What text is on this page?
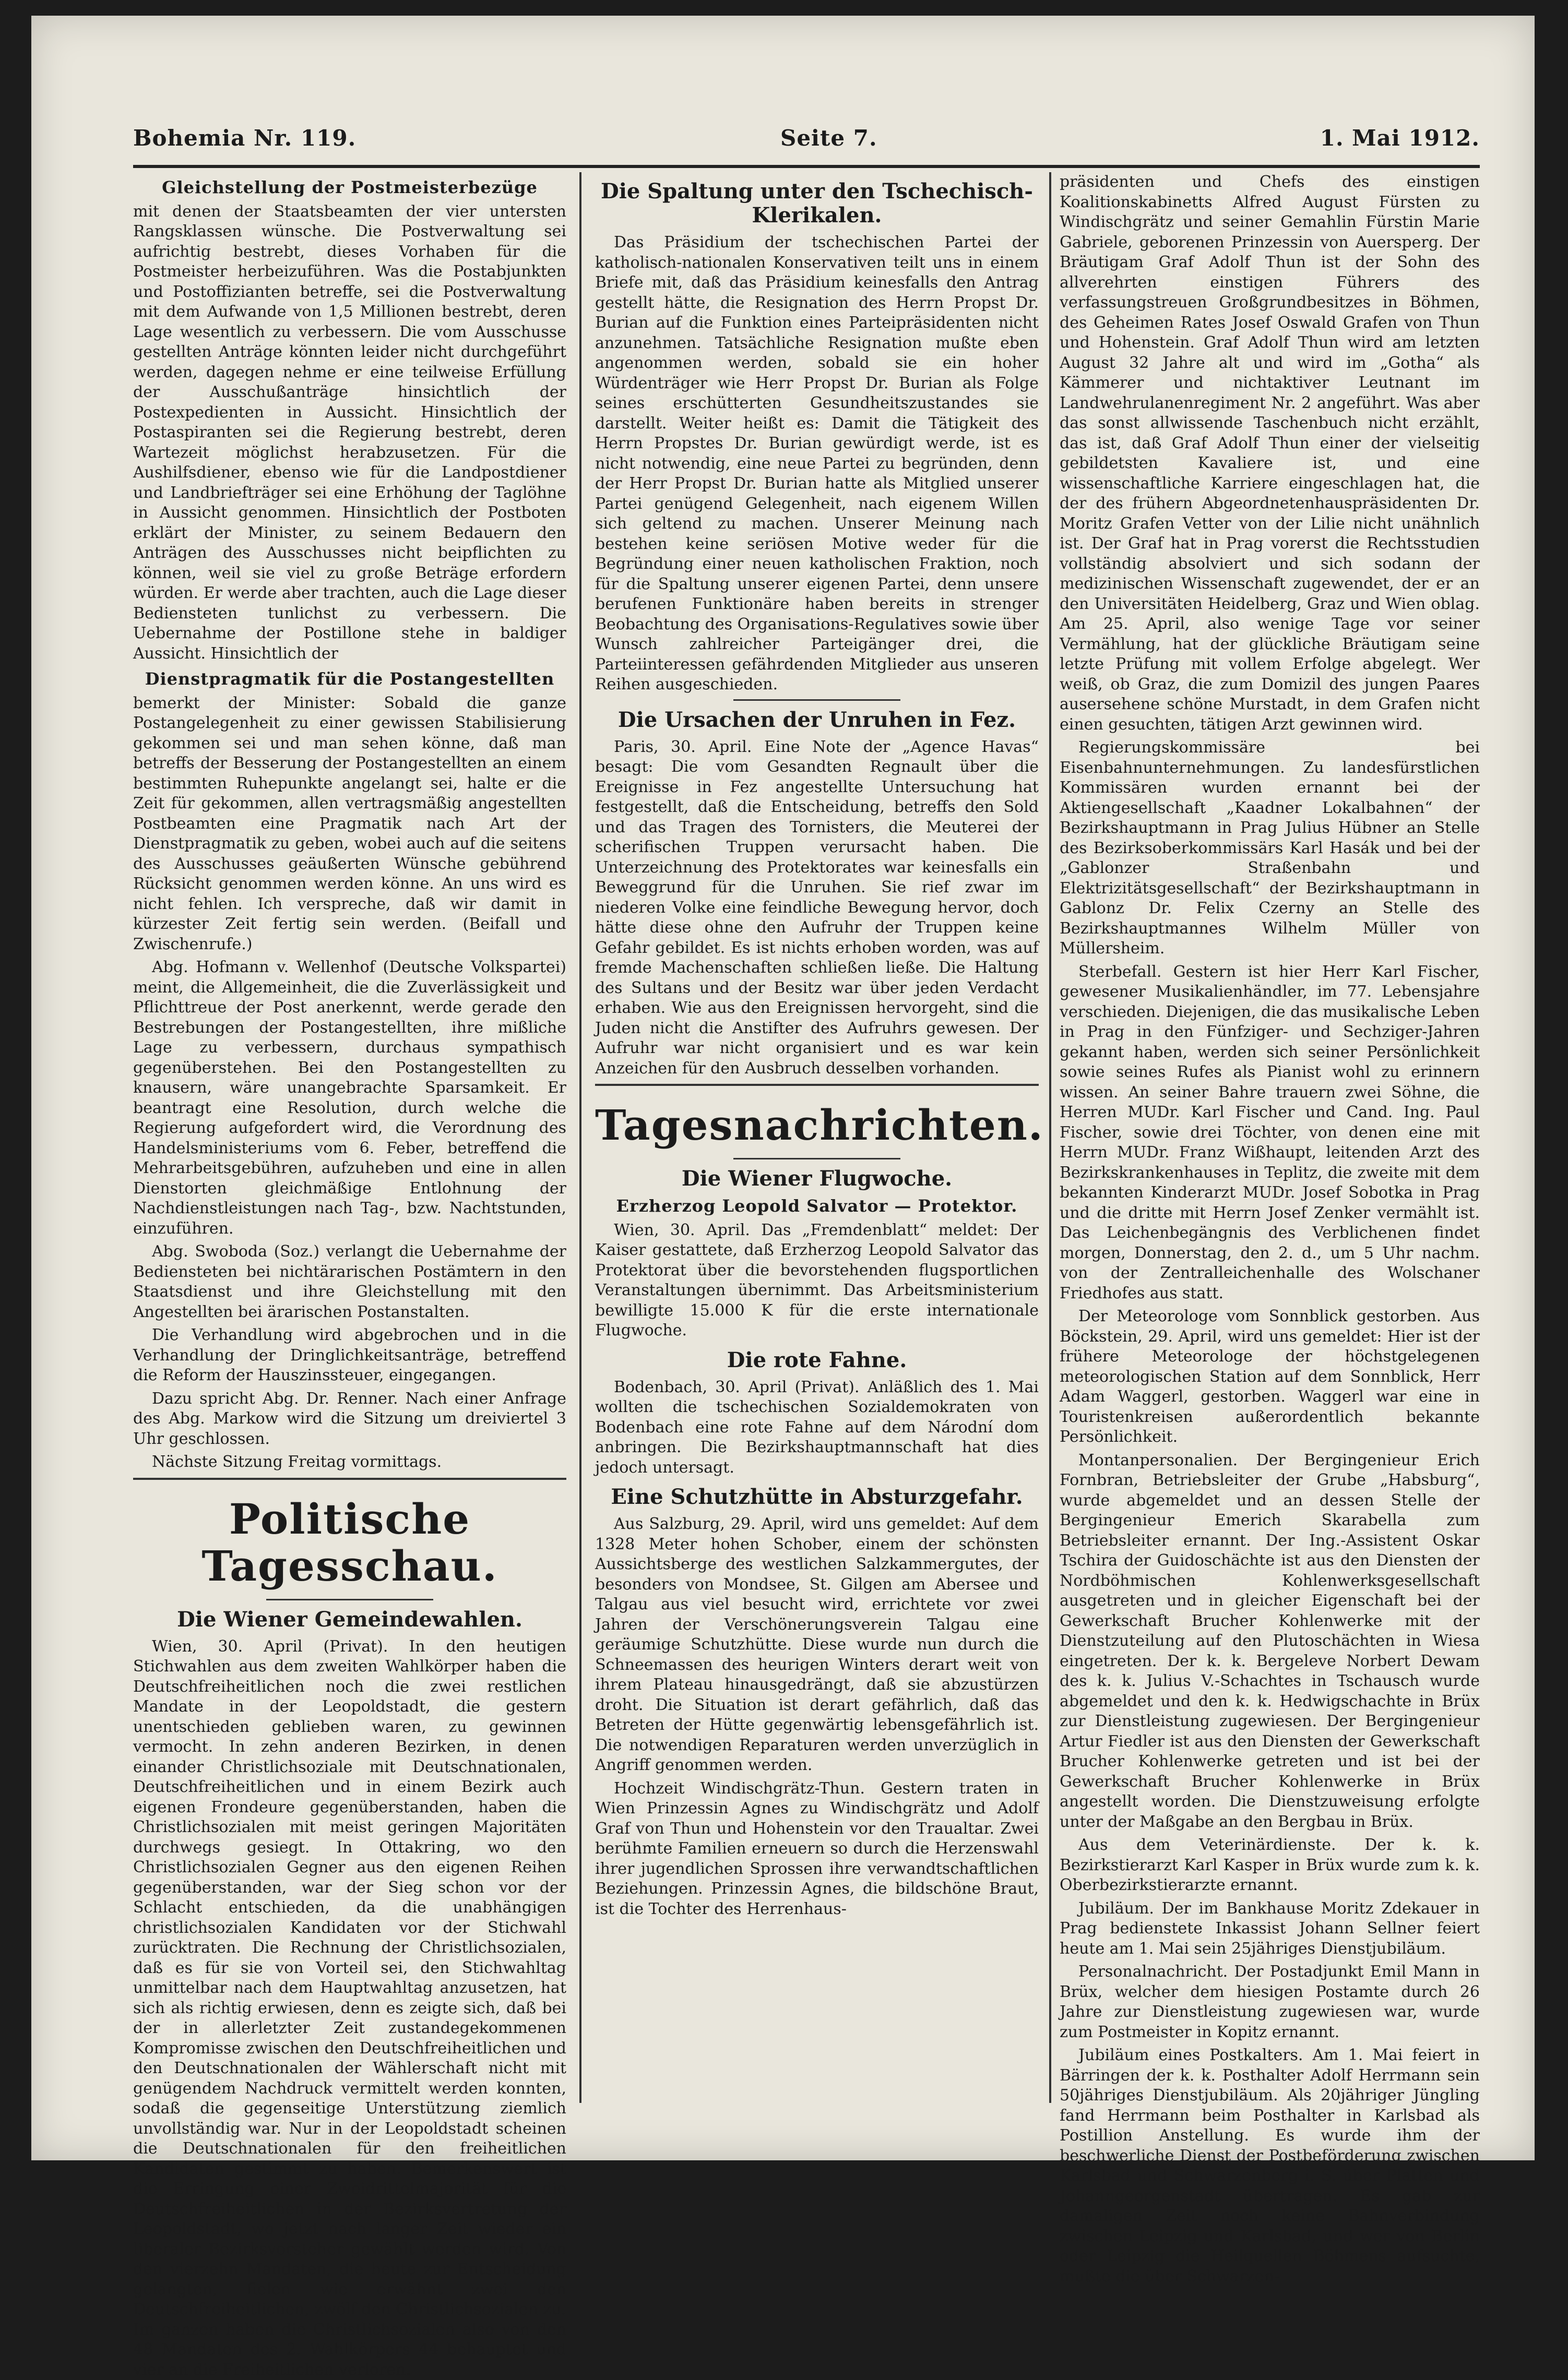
Bohemia Nr. 119.	Seite 7.	1. Mai 1912.
Gleichstellung der Postmeisterbezüge

mit denen der Staatsbeamten der vier untersten Rangsklassen wünsche. Die Postverwaltung sei aufrichtig bestrebt, dieses Vorhaben für die Postmeister herbeizuführen. Was die Postabjunkten und Postoffizianten betreffe, sei die Postverwaltung mit dem Aufwande von 1,5 Millionen bestrebt, deren Lage wesentlich zu verbessern. Die vom Ausschusse gestellten Anträge könnten leider nicht durchgeführt werden, dagegen nehme er eine teilweise Erfüllung der Ausschußanträge hinsichtlich der Postexpedienten in Aussicht. Hinsichtlich der Postaspiranten sei die Regierung bestrebt, deren Wartezeit möglichst herabzusetzen. Für die Aushilfsdiener, ebenso wie für die Landpostdiener und Landbriefträger sei eine Erhöhung der Taglöhne in Aussicht genommen. Hinsichtlich der Postboten erklärt der Minister, zu seinem Bedauern den Anträgen des Ausschusses nicht beipflichten zu können, weil sie viel zu große Beträge erfordern würden. Er werde aber trachten, auch die Lage dieser Bediensteten tunlichst zu verbessern. Die Uebernahme der Postillone stehe in baldiger Aussicht. Hinsichtlich der

Dienstpragmatik für die Postangestellten

bemerkt der Minister: Sobald die ganze Postangelegenheit zu einer gewissen Stabilisierung gekommen sei und man sehen könne, daß man betreffs der Besserung der Postangestellten an einem bestimmten Ruhepunkte angelangt sei, halte er die Zeit für gekommen, allen vertragsmäßig angestellten Postbeamten eine Pragmatik nach Art der Dienstpragmatik zu geben, wobei auch auf die seitens des Ausschusses geäußerten Wünsche gebührend Rücksicht genommen werden könne. An uns wird es nicht fehlen. Ich verspreche, daß wir damit in kürzester Zeit fertig sein werden. (Beifall und Zwischenrufe.)

Abg. Hofmann v. Wellenhof (Deutsche Volkspartei) meint, die Allgemeinheit, die die Zuverlässigkeit und Pflichttreue der Post anerkennt, werde gerade den Bestrebungen der Postangestellten, ihre mißliche Lage zu verbessern, durchaus sympathisch gegenüberstehen. Bei den Postangestellten zu knausern, wäre unangebrachte Sparsamkeit. Er beantragt eine Resolution, durch welche die Regierung aufgefordert wird, die Verordnung des Handelsministeriums vom 6. Feber, betreffend die Mehrarbeitsgebühren, aufzuheben und eine in allen Dienstorten gleichmäßige Entlohnung der Nachdienstleistungen nach Tag-, bzw. Nachtstunden, einzuführen.

Abg. Swoboda (Soz.) verlangt die Uebernahme der Bediensteten bei nichtärarischen Postämtern in den Staatsdienst und ihre Gleichstellung mit den Angestellten bei ärarischen Postanstalten.

Die Verhandlung wird abgebrochen und in die Verhandlung der Dringlichkeitsanträge, betreffend die Reform der Hauszinssteuer, eingegangen.

Dazu spricht Abg. Dr. Renner. Nach einer Anfrage des Abg. Markow wird die Sitzung um dreiviertel 3 Uhr geschlossen.

Nächste Sitzung Freitag vormittags.

Politische Tagesschau.
Die Wiener Gemeindewahlen.

Wien, 30. April (Privat). In den heutigen Stichwahlen aus dem zweiten Wahlkörper haben die Deutschfreiheitlichen noch die zwei restlichen Mandate in der Leopoldstadt, die gestern unentschieden geblieben waren, zu gewinnen vermocht. In zehn anderen Bezirken, in denen einander Christlichsoziale mit Deutschnationalen, Deutschfreiheitlichen und in einem Bezirk auch eigenen Frondeure gegenüberstanden, haben die Christlichsozialen mit meist geringen Majoritäten durchwegs gesiegt. In Ottakring, wo den Christlichsozialen Gegner aus den eigenen Reihen gegenüberstanden, war der Sieg schon vor der Schlacht entschieden, da die unabhängigen christlichsozialen Kandidaten vor der Stichwahl zurücktraten. Die Rechnung der Christlichsozialen, daß es für sie von Vorteil sei, den Stichwahltag unmittelbar nach dem Hauptwahltag anzusetzen, hat sich als richtig erwiesen, denn es zeigte sich, daß bei der in allerletzter Zeit zustandegekommenen Kompromisse zwischen den Deutschfreiheitlichen und den Deutschnationalen der Wählerschaft nicht mit genügendem Nachdruck vermittelt werden konnten, sodaß die gegenseitige Unterstützung ziemlich unvollständig war. Nur in der Leopoldstadt scheinen die Deutschnationalen für den freiheitlichen Kandidaten gestimmt zu haben. Bemerkenswert ist die Erringung einer Zweidrittelmajorität für die Deutschfreiheitlichen in der Bezirksvertretung der Leopoldstadt, wo jetzt nach langer Zeit wieder ein liberaler Bezirksvorsteher gewählt werden wird. Von den vierzehn Mandaten, die heute zur Entscheidung gelangten, fielen wie erwähnt zwei den Deutschfreiheitlichen, zwölf den Christlichsozialen zu. Im ganzen haben die Christlichsozialen also von den 48 Mandaten des 2. Wahlkörpers 44 behauptet und vier an die Freiheitlichen verloren.

Die Spaltung unter den Tschechisch-Klerikalen.

Das Präsidium der tschechischen Partei der katholisch-nationalen Konservativen teilt uns in einem Briefe mit, daß das Präsidium keinesfalls den Antrag gestellt hätte, die Resignation des Herrn Propst Dr. Burian auf die Funktion eines Parteipräsidenten nicht anzunehmen. Tatsächliche Resignation mußte eben angenommen werden, sobald sie ein hoher Würdenträger wie Herr Propst Dr. Burian als Folge seines erschütterten Gesundheitszustandes sie darstellt. Weiter heißt es: Damit die Tätigkeit des Herrn Propstes Dr. Burian gewürdigt werde, ist es nicht notwendig, eine neue Partei zu begründen, denn der Herr Propst Dr. Burian hatte als Mitglied unserer Partei genügend Gelegenheit, nach eigenem Willen sich geltend zu machen. Unserer Meinung nach bestehen keine seriösen Motive weder für die Begründung einer neuen katholischen Fraktion, noch für die Spaltung unserer eigenen Partei, denn unsere berufenen Funktionäre haben bereits in strenger Beobachtung des Organisations-Regulatives sowie über Wunsch zahlreicher Parteigänger drei, die Parteiinteressen gefährdenden Mitglieder aus unseren Reihen ausgeschieden.

Die Ursachen der Unruhen in Fez.

Paris, 30. April. Eine Note der „Agence Havas“ besagt: Die vom Gesandten Regnault über die Ereignisse in Fez angestellte Untersuchung hat festgestellt, daß die Entscheidung, betreffs den Sold und das Tragen des Tornisters, die Meuterei der scherifischen Truppen verursacht haben. Die Unterzeichnung des Protektorates war keinesfalls ein Beweggrund für die Unruhen. Sie rief zwar im niederen Volke eine feindliche Bewegung hervor, doch hätte diese ohne den Aufruhr der Truppen keine Gefahr gebildet. Es ist nichts erhoben worden, was auf fremde Machenschaften schließen ließe. Die Haltung des Sultans und der Besitz war über jeden Verdacht erhaben. Wie aus den Ereignissen hervorgeht, sind die Juden nicht die Anstifter des Aufruhrs gewesen. Der Aufruhr war nicht organisiert und es war kein Anzeichen für den Ausbruch desselben vorhanden.

Tagesnachrichten.
Die Wiener Flugwoche.
Erzherzog Leopold Salvator — Protektor.

Wien, 30. April. Das „Fremdenblatt“ meldet: Der Kaiser gestattete, daß Erzherzog Leopold Salvator das Protektorat über die bevorstehenden flugsportlichen Veranstaltungen übernimmt. Das Arbeitsministerium bewilligte 15.000 K für die erste internationale Flugwoche.

Die rote Fahne.

Bodenbach, 30. April (Privat). Anläßlich des 1. Mai wollten die tschechischen Sozialdemokraten von Bodenbach eine rote Fahne auf dem Národní dom anbringen. Die Bezirkshauptmannschaft hat dies jedoch untersagt.

Eine Schutzhütte in Absturzgefahr.

Aus Salzburg, 29. April, wird uns gemeldet: Auf dem 1328 Meter hohen Schober, einem der schönsten Aussichtsberge des westlichen Salzkammergutes, der besonders von Mondsee, St. Gilgen am Abersee und Talgau aus viel besucht wird, errichtete vor zwei Jahren der Verschönerungsverein Talgau eine geräumige Schutzhütte. Diese wurde nun durch die Schneemassen des heurigen Winters derart weit von ihrem Plateau hinausgedrängt, daß sie abzustürzen droht. Die Situation ist derart gefährlich, daß das Betreten der Hütte gegenwärtig lebensgefährlich ist. Die notwendigen Reparaturen werden unverzüglich in Angriff genommen werden.

Hochzeit Windischgrätz-Thun. Gestern traten in Wien Prinzessin Agnes zu Windischgrätz und Adolf Graf von Thun und Hohenstein vor den Traualtar. Zwei berühmte Familien erneuern so durch die Herzenswahl ihrer jugendlichen Sprossen ihre verwandtschaftlichen Beziehungen. Prinzessin Agnes, die bildschöne Braut, ist die Tochter des Herrenhaus-

präsidenten und Chefs des einstigen Koalitionskabinetts Alfred August Fürsten zu Windischgrätz und seiner Gemahlin Fürstin Marie Gabriele, geborenen Prinzessin von Auersperg. Der Bräutigam Graf Adolf Thun ist der Sohn des allverehrten einstigen Führers des verfassungstreuen Großgrundbesitzes in Böhmen, des Geheimen Rates Josef Oswald Grafen von Thun und Hohenstein. Graf Adolf Thun wird am letzten August 32 Jahre alt und wird im „Gotha“ als Kämmerer und nichtaktiver Leutnant im Landwehrulanenregiment Nr. 2 angeführt. Was aber das sonst allwissende Taschenbuch nicht erzählt, das ist, daß Graf Adolf Thun einer der vielseitig gebildetsten Kavaliere ist, und eine wissenschaftliche Karriere eingeschlagen hat, die der des frühern Abgeordnetenhauspräsidenten Dr. Moritz Grafen Vetter von der Lilie nicht unähnlich ist. Der Graf hat in Prag vorerst die Rechtsstudien vollständig absolviert und sich sodann der medizinischen Wissenschaft zugewendet, der er an den Universitäten Heidelberg, Graz und Wien oblag. Am 25. April, also wenige Tage vor seiner Vermählung, hat der glückliche Bräutigam seine letzte Prüfung mit vollem Erfolge abgelegt. Wer weiß, ob Graz, die zum Domizil des jungen Paares ausersehene schöne Murstadt, in dem Grafen nicht einen gesuchten, tätigen Arzt gewinnen wird.

Regierungskommissäre bei Eisenbahnunternehmungen. Zu landesfürstlichen Kommissären wurden ernannt bei der Aktiengesellschaft „Kaadner Lokalbahnen“ der Bezirkshauptmann in Prag Julius Hübner an Stelle des Bezirksoberkommissärs Karl Hasák und bei der „Gablonzer Straßenbahn und Elektrizitätsgesellschaft“ der Bezirkshauptmann in Gablonz Dr. Felix Czerny an Stelle des Bezirkshauptmannes Wilhelm Müller von Müllersheim.

Sterbefall. Gestern ist hier Herr Karl Fischer, gewesener Musikalienhändler, im 77. Lebensjahre verschieden. Diejenigen, die das musikalische Leben in Prag in den Fünfziger- und Sechziger-Jahren gekannt haben, werden sich seiner Persönlichkeit sowie seines Rufes als Pianist wohl zu erinnern wissen. An seiner Bahre trauern zwei Söhne, die Herren MUDr. Karl Fischer und Cand. Ing. Paul Fischer, sowie drei Töchter, von denen eine mit Herrn MUDr. Franz Wißhaupt, leitenden Arzt des Bezirkskrankenhauses in Teplitz, die zweite mit dem bekannten Kinderarzt MUDr. Josef Sobotka in Prag und die dritte mit Herrn Josef Zenker vermählt ist. Das Leichenbegängnis des Verblichenen findet morgen, Donnerstag, den 2. d., um 5 Uhr nachm. von der Zentralleichenhalle des Wolschaner Friedhofes aus statt.

Der Meteorologe vom Sonnblick gestorben. Aus Böckstein, 29. April, wird uns gemeldet: Hier ist der frühere Meteorologe der höchstgelegenen meteorologischen Station auf dem Sonnblick, Herr Adam Waggerl, gestorben. Waggerl war eine in Touristenkreisen außerordentlich bekannte Persönlichkeit.

Montanpersonalien. Der Bergingenieur Erich Fornbran, Betriebsleiter der Grube „Habsburg“, wurde abgemeldet und an dessen Stelle der Bergingenieur Emerich Skarabella zum Betriebsleiter ernannt. Der Ing.-Assistent Oskar Tschira der Guidoschächte ist aus den Diensten der Nordböhmischen Kohlenwerksgesellschaft ausgetreten und in gleicher Eigenschaft bei der Gewerkschaft Brucher Kohlenwerke mit der Dienstzuteilung auf den Plutoschächten in Wiesa eingetreten. Der k. k. Bergeleve Norbert Dewam des k. k. Julius V.-Schachtes in Tschausch wurde abgemeldet und den k. k. Hedwigschachte in Brüx zur Dienstleistung zugewiesen. Der Bergingenieur Artur Fiedler ist aus den Diensten der Gewerkschaft Brucher Kohlenwerke getreten und ist bei der Gewerkschaft Brucher Kohlenwerke in Brüx angestellt worden. Die Dienstzuweisung erfolgte unter der Maßgabe an den Bergbau in Brüx.

Aus dem Veterinärdienste. Der k. k. Bezirkstierarzt Karl Kasper in Brüx wurde zum k. k. Oberbezirkstierarzte ernannt.

Jubiläum. Der im Bankhause Moritz Zdekauer in Prag bedienstete Inkassist Johann Sellner feiert heute am 1. Mai sein 25jähriges Dienstjubiläum.

Personalnachricht. Der Postadjunkt Emil Mann in Brüx, welcher dem hiesigen Postamte durch 26 Jahre zur Dienstleistung zugewiesen war, wurde zum Postmeister in Kopitz ernannt.

Jubiläum eines Postkalters. Am 1. Mai feiert in Bärringen der k. k. Posthalter Adolf Herrmann sein 50jähriges Dienstjubiläum. Als 20jähriger Jüngling fand Herrmann beim Posthalter in Karlsbad als Postillion Anstellung. Es wurde ihm der beschwerliche Dienst der Postbeförderung zwischen Karlsbad und Schwarzenberg i. S. über Platten und Johanngeorgenstadt übertragen. Es gab zur damaligen Zeit noch keine Bahnverbindung zwischen Leipzig und Karlsbad, und wer von Berlin oder Leipzig die Heilquellen Böhmens aufsuchte, mußte die über Schwarzen-
